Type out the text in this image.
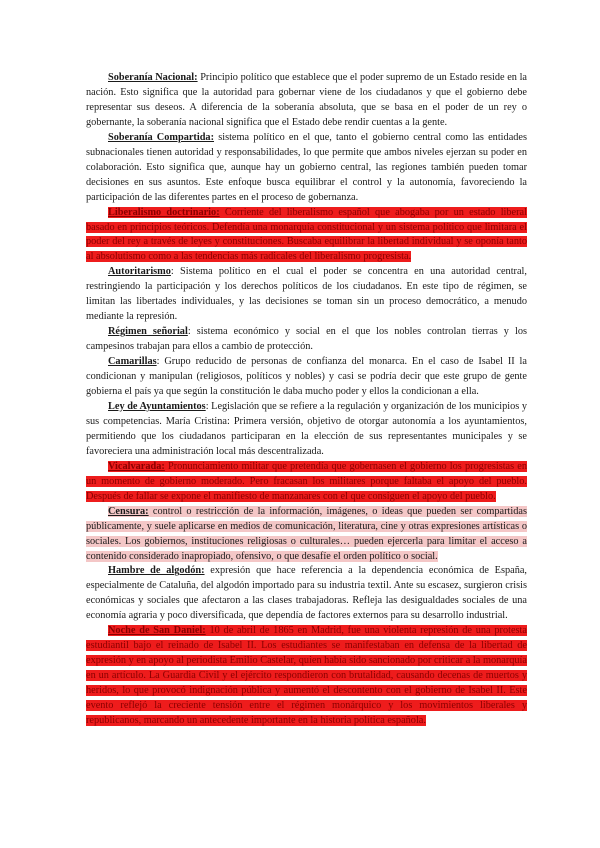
Soberanía Nacional: Principio político que establece que el poder supremo de un Estado reside en la nación. Esto significa que la autoridad para gobernar viene de los ciudadanos y que el gobierno debe representar sus deseos. A diferencia de la soberanía absoluta, que se basa en el poder de un rey o gobernante, la soberanía nacional significa que el Estado debe rendir cuentas a la gente.

Soberanía Compartida: sistema político en el que, tanto el gobierno central como las entidades subnacionales tienen autoridad y responsabilidades, lo que permite que ambos niveles ejerzan su poder en colaboración. Esto significa que, aunque hay un gobierno central, las regiones también pueden tomar decisiones en sus asuntos. Este enfoque busca equilibrar el control y la autonomía, favoreciendo la participación de las diferentes partes en el proceso de gobernanza.

Liberalismo doctrinario: Corriente del liberalismo español que abogaba por un estado liberal basado en principios teóricos. Defendía una monarquía constitucional y un sistema político que limitara el poder del rey a través de leyes y constituciones. Buscaba equilibrar la libertad individual y se oponía tanto al absolutismo como a las tendencias más radicales del liberalismo progresista.

Autoritarismo: Sistema político en el cual el poder se concentra en una autoridad central, restringiendo la participación y los derechos políticos de los ciudadanos. En este tipo de régimen, se limitan las libertades individuales, y las decisiones se toman sin un proceso democrático, a menudo mediante la represión.

Régimen señorial: sistema económico y social en el que los nobles controlan tierras y los campesinos trabajan para ellos a cambio de protección.

Camarillas: Grupo reducido de personas de confianza del monarca. En el caso de Isabel II la condicionan y manipulan (religiosos, políticos y nobles) y casi se podría decir que este grupo de gente gobierna el país ya que según la constitución le daba mucho poder y ellos la condicionan a ella.

Ley de Ayuntamientos: Legislación que se refiere a la regulación y organización de los municipios y sus competencias. María Cristina: Primera versión, objetivo de otorgar autonomía a los ayuntamientos, permitiendo que los ciudadanos participaran en la elección de sus representantes municipales y se favoreciera una administración local más descentralizada.

Vicalvarada: Pronunciamiento militar que pretendía que gobernasen el gobierno los progresistas en un momento de gobierno moderado. Pero fracasan los militares porque faltaba el apoyo del pueblo. Después de fallar se expone el manifiesto de manzanares con el que consiguen el apoyo del pueblo.

Censura: control o restricción de la información, imágenes, o ideas que pueden ser compartidas públicamente, y suele aplicarse en medios de comunicación, literatura, cine y otras expresiones artísticas o sociales. Los gobiernos, instituciones religiosas o culturales… pueden ejercerla para limitar el acceso a contenido considerado inapropiado, ofensivo, o que desafíe el orden político o social.

Hambre de algodón: expresión que hace referencia a la dependencia económica de España, especialmente de Cataluña, del algodón importado para su industria textil. Ante su escasez, surgieron crisis económicas y sociales que afectaron a las clases trabajadoras. Refleja las desigualdades sociales de una economía agraria y poco diversificada, que dependía de factores externos para su desarrollo industrial.

Noche de San Daniel: 10 de abril de 1865 en Madrid, fue una violenta represión de una protesta estudiantil bajo el reinado de Isabel II. Los estudiantes se manifestaban en defensa de la libertad de expresión y en apoyo al periodista Emilio Castelar, quien había sido sancionado por criticar a la monarquía en un artículo. La Guardia Civil y el ejército respondieron con brutalidad, causando decenas de muertos y heridos, lo que provocó indignación pública y aumentó el descontento con el gobierno de Isabel II. Este evento reflejó la creciente tensión entre el régimen monárquico y los movimientos liberales y republicanos, marcando un antecedente importante en la historia política española.
